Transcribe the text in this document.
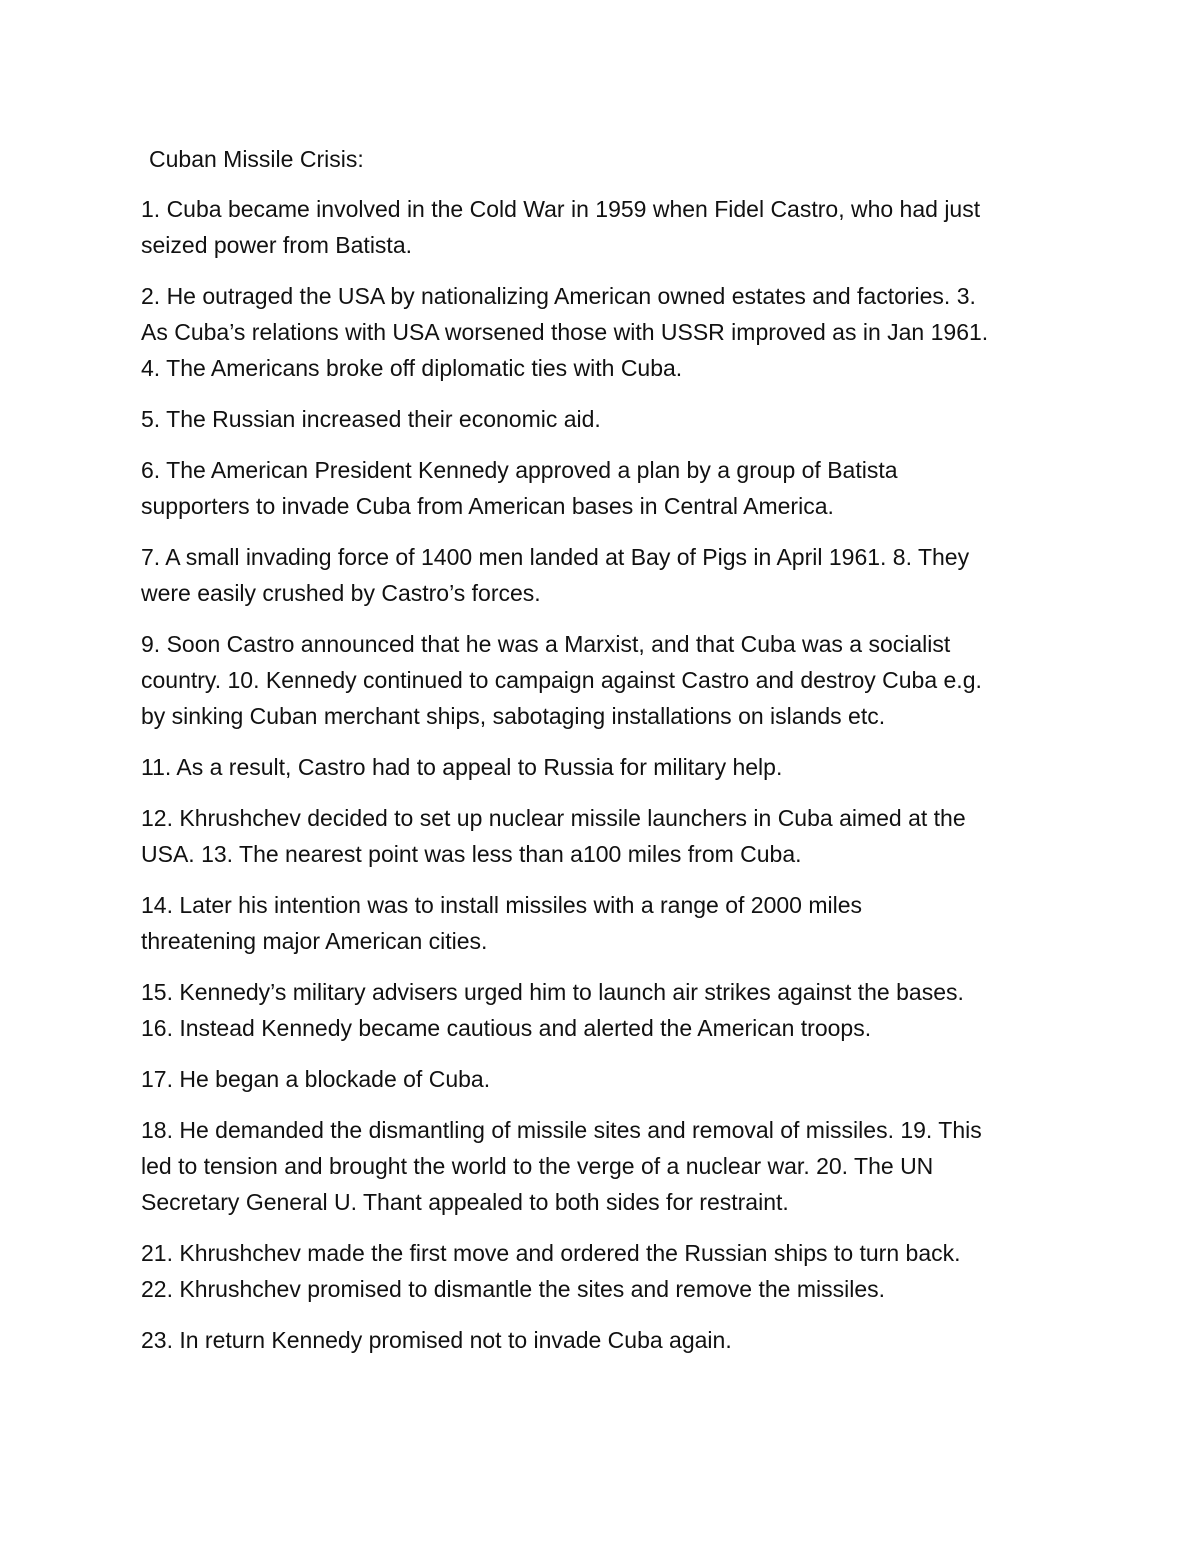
Cuban Missile Crisis:
1. Cuba became involved in the Cold War in 1959 when Fidel Castro, who had just
seized power from Batista.
2. He outraged the USA by nationalizing American owned estates and factories. 3.
As Cuba’s relations with USA worsened those with USSR improved as in Jan 1961.
4. The Americans broke off diplomatic ties with Cuba.
5. The Russian increased their economic aid.
6. The American President Kennedy approved a plan by a group of Batista
supporters to invade Cuba from American bases in Central America.
7. A small invading force of 1400 men landed at Bay of Pigs in April 1961. 8. They
were easily crushed by Castro’s forces.
9. Soon Castro announced that he was a Marxist, and that Cuba was a socialist
country. 10. Kennedy continued to campaign against Castro and destroy Cuba e.g.
by sinking Cuban merchant ships, sabotaging installations on islands etc.
11. As a result, Castro had to appeal to Russia for military help.
12. Khrushchev decided to set up nuclear missile launchers in Cuba aimed at the
USA. 13. The nearest point was less than a100 miles from Cuba.
14. Later his intention was to install missiles with a range of 2000 miles
threatening major American cities.
15. Kennedy’s military advisers urged him to launch air strikes against the bases.
16. Instead Kennedy became cautious and alerted the American troops.
17. He began a blockade of Cuba.
18. He demanded the dismantling of missile sites and removal of missiles. 19. This
led to tension and brought the world to the verge of a nuclear war. 20. The UN
Secretary General U. Thant appealed to both sides for restraint.
21. Khrushchev made the first move and ordered the Russian ships to turn back.
22. Khrushchev promised to dismantle the sites and remove the missiles.
23. In return Kennedy promised not to invade Cuba again.
